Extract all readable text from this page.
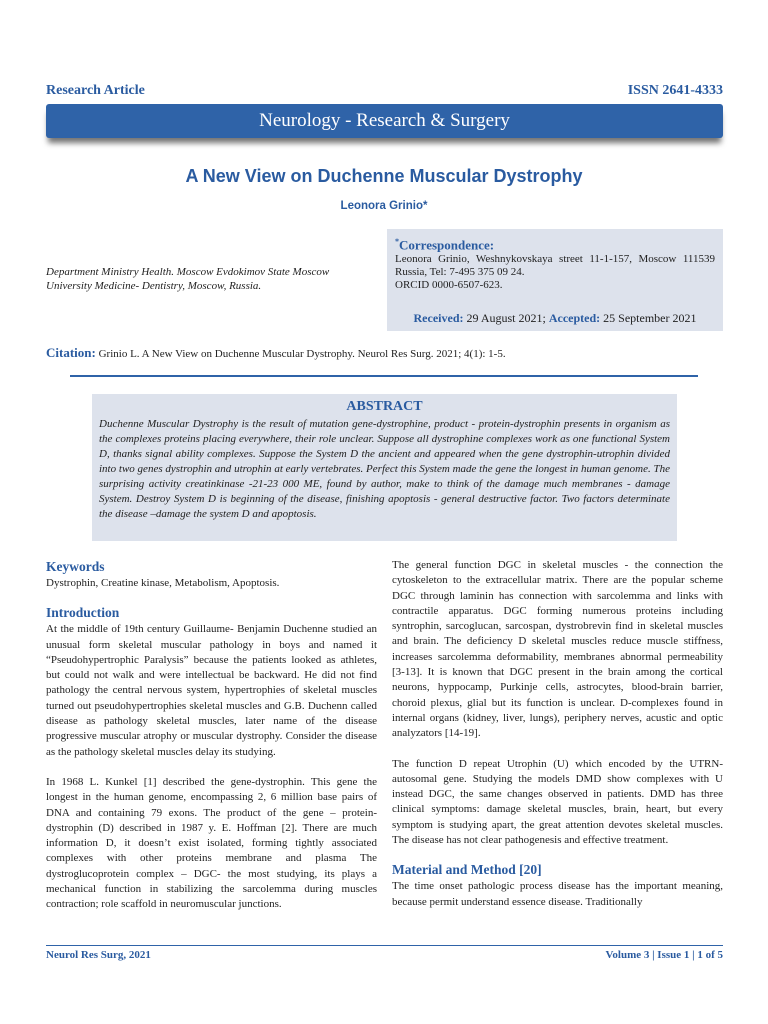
Research Article	ISSN 2641-4333
Neurology - Research & Surgery
A New View on Duchenne Muscular Dystrophy
Leonora Grinio*
Department Ministry Health. Moscow Evdokimov State Moscow University Medicine- Dentistry, Moscow, Russia.
*Correspondence:
Leonora Grinio, Weshnykovskaya street 11-1-157, Moscow 111539 Russia, Tel: 7-495 375 09 24.
ORCID 0000-6507-623.
Received: 29 August 2021; Accepted: 25 September 2021
Citation: Grinio L. A New View on Duchenne Muscular Dystrophy. Neurol Res Surg. 2021; 4(1): 1-5.
ABSTRACT
Duchenne Muscular Dystrophy is the result of mutation gene-dystrophine, product - protein-dystrophin presents in organism as the complexes proteins placing everywhere, their role unclear. Suppose all dystrophine complexes work as one functional System D, thanks signal ability complexes. Suppose the System D the ancient and appeared when the gene dystrophin-utrophin divided into two genes dystrophin and utrophin at early vertebrates. Perfect this System made the gene the longest in human genome. The surprising activity creatinkinase -21-23 000 ME, found by author, make to think of the damage much membranes - damage System. Destroy System D is beginning of the disease, finishing apoptosis - general destructive factor. Two factors determinate the disease –damage the system D and apoptosis.
Keywords
Dystrophin, Creatine kinase, Metabolism, Apoptosis.
Introduction
At the middle of 19th century Guillaume- Benjamin Duchenne studied an unusual form skeletal muscular pathology in boys and named it “Pseudohypertrophic Paralysis” because the patients looked as athletes, but could not walk and were intellectual be backward. He did not find pathology the central nervous system, hypertrophies of skeletal muscles turned out pseudohypertrophies skeletal muscles and G.B. Duchenn called disease as pathology skeletal muscles, later name of the disease progressive muscular atrophy or muscular dystrophy. Consider the disease as the pathology skeletal muscles delay its studying.
In 1968 L. Kunkel [1] described the gene-dystrophin. This gene the longest in the human genome, encompassing 2, 6 million base pairs of DNA and containing 79 exons. The product of the gene – protein-dystrophin (D) described in 1987 y. E. Hoffman [2]. There are much information D, it doesn’t exist isolated, forming tightly associated complexes with other proteins membrane and plasma The dystroglucoprotein complex – DGC- the most studying, its plays a mechanical function in stabilizing the sarcolemma during muscles contraction; role scaffold in neuromuscular junctions.
The general function DGC in skeletal muscles - the connection the cytoskeleton to the extracellular matrix. There are the popular scheme DGC through laminin has connection with sarcolemma and links with contractile apparatus. DGC forming numerous proteins including syntrophin, sarcoglucan, sarcospan, dystrobrevin find in skeletal muscles and brain. The deficiency D skeletal muscles reduce muscle stiffness, increases sarcolemma deformability, membranes abnormal permeability [3-13]. It is known that DGC present in the brain among the cortical neurons, hyppocamp, Purkinje cells, astrocytes, blood-brain barrier, choroid plexus, glial but its function is unclear. D-complexes found in internal organs (kidney, liver, lungs), periphery nerves, acustic and optic analyzators [14-19].
The function D repeat Utrophin (U) which encoded by the UTRN- autosomal gene. Studying the models DMD show complexes with U instead DGC, the same changes observed in patients. DMD has three clinical symptoms: damage skeletal muscles, brain, heart, but every symptom is studying apart, the great attention devotes skeletal muscles. The disease has not clear pathogenesis and effective treatment.
Material and Method [20]
The time onset pathologic process disease has the important meaning, because permit understand essence disease. Traditionally
Neurol Res Surg, 2021	Volume 3 | Issue 1 | 1 of 5
